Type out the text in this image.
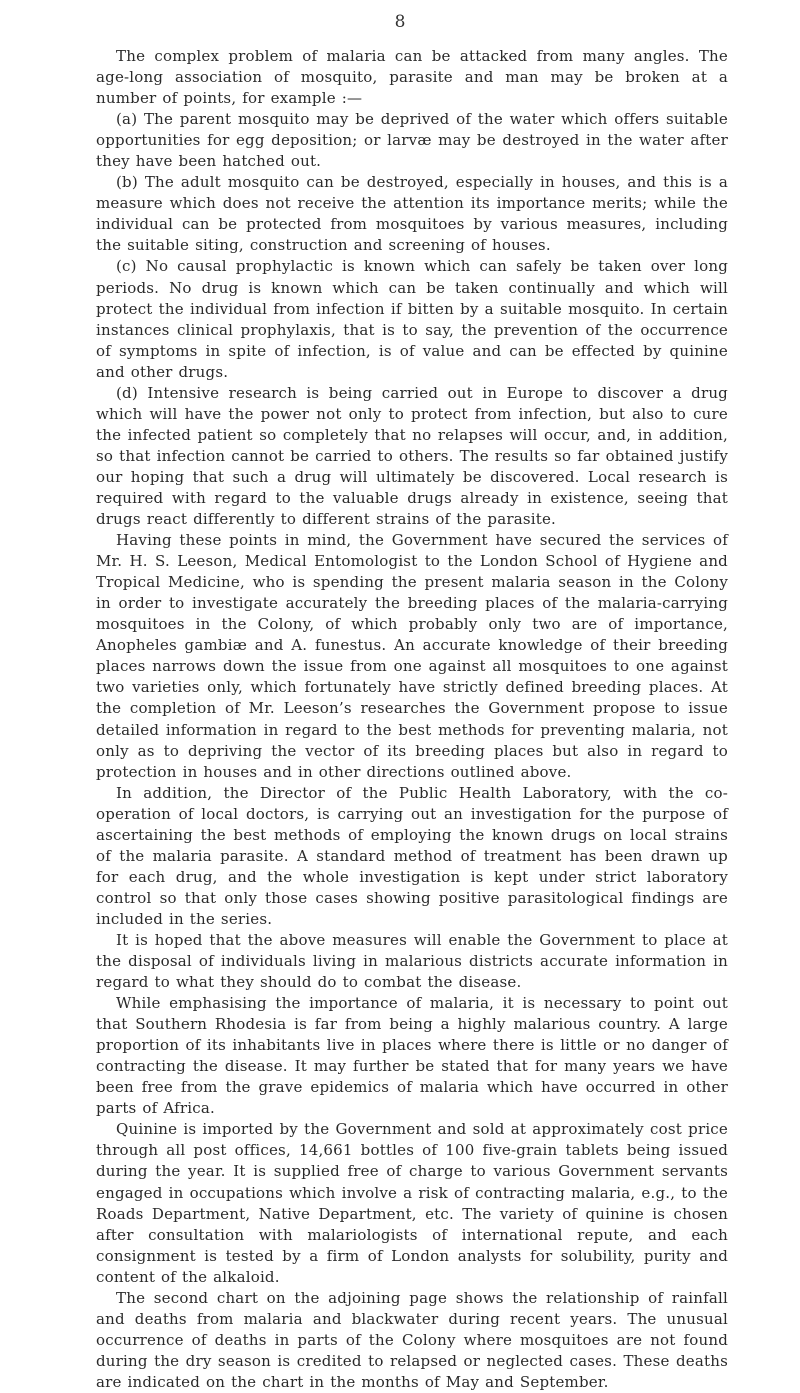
8

The complex problem of malaria can be attacked from many angles. The age-long association of mosquito, parasite and man may be broken at a number of points, for example :—

(a) The parent mosquito may be deprived of the water which offers suitable opportunities for egg deposition; or larvæ may be destroyed in the water after they have been hatched out.

(b) The adult mosquito can be destroyed, especially in houses, and this is a measure which does not receive the attention its importance merits; while the individual can be protected from mosquitoes by various measures, including the suitable siting, construction and screening of houses.

(c) No causal prophylactic is known which can safely be taken over long periods. No drug is known which can be taken continually and which will protect the individual from infection if bitten by a suitable mosquito. In certain instances clinical prophylaxis, that is to say, the prevention of the occurrence of symptoms in spite of infection, is of value and can be effected by quinine and other drugs.

(d) Intensive research is being carried out in Europe to discover a drug which will have the power not only to protect from infection, but also to cure the infected patient so completely that no relapses will occur, and, in addition, so that infection cannot be carried to others. The results so far obtained justify our hoping that such a drug will ultimately be discovered. Local research is required with regard to the valuable drugs already in existence, seeing that drugs react differently to different strains of the parasite.

Having these points in mind, the Government have secured the services of Mr. H. S. Leeson, Medical Entomologist to the London School of Hygiene and Tropical Medicine, who is spending the present malaria season in the Colony in order to investigate accurately the breeding places of the malaria-carrying mosquitoes in the Colony, of which probably only two are of importance, Anopheles gambiæ and A. funestus. An accurate knowledge of their breeding places narrows down the issue from one against all mosquitoes to one against two varieties only, which fortunately have strictly defined breeding places. At the completion of Mr. Leeson’s researches the Government propose to issue detailed information in regard to the best methods for preventing malaria, not only as to depriving the vector of its breeding places but also in regard to protection in houses and in other directions outlined above.

In addition, the Director of the Public Health Laboratory, with the co-operation of local doctors, is carrying out an investigation for the purpose of ascertaining the best methods of employing the known drugs on local strains of the malaria parasite. A standard method of treatment has been drawn up for each drug, and the whole investigation is kept under strict laboratory control so that only those cases showing positive parasitological findings are included in the series.

It is hoped that the above measures will enable the Government to place at the disposal of individuals living in malarious districts accurate information in regard to what they should do to combat the disease.

While emphasising the importance of malaria, it is necessary to point out that Southern Rhodesia is far from being a highly malarious country. A large proportion of its inhabitants live in places where there is little or no danger of contracting the disease. It may further be stated that for many years we have been free from the grave epidemics of malaria which have occurred in other parts of Africa.

Quinine is imported by the Government and sold at approximately cost price through all post offices, 14,661 bottles of 100 five-grain tablets being issued during the year. It is supplied free of charge to various Government servants engaged in occupations which involve a risk of contracting malaria, e.g., to the Roads Department, Native Department, etc. The variety of quinine is chosen after consultation with malariologists of international repute, and each consignment is tested by a firm of London analysts for solubility, purity and content of the alkaloid.

The second chart on the adjoining page shows the relationship of rainfall and deaths from malaria and blackwater during recent years. The unusual occurrence of deaths in parts of the Colony where mosquitoes are not found during the dry season is credited to relapsed or neglected cases. These deaths are indicated on the chart in the months of May and September.
